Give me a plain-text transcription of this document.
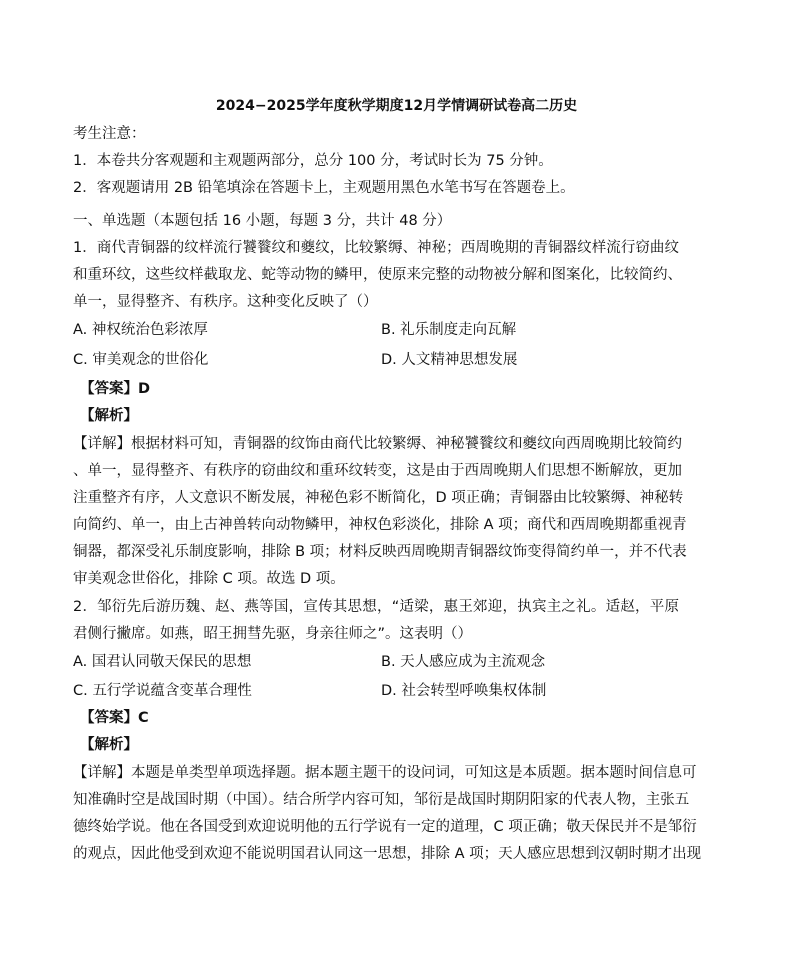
2024−2025学年度秋学期度12月学情调研试卷高二历史
考生注意：
1．本卷共分客观题和主观题两部分，总分 100 分，考试时长为 75 分钟。
2．客观题请用 2B 铅笔填涂在答题卡上，主观题用黑色水笔书写在答题卷上。
一、单选题（本题包括 16 小题，每题 3 分，共计 48 分）
1．商代青铜器的纹样流行饕餮纹和夔纹，比较繁缛、神秘；西周晚期的青铜器纹样流行窃曲纹
和重环纹，这些纹样截取龙、蛇等动物的鳞甲，使原来完整的动物被分解和图案化，比较简约、
单一，显得整齐、有秩序。这种变化反映了（）
A. 神权统治色彩浓厚	B. 礼乐制度走向瓦解
C. 审美观念的世俗化	D. 人文精神思想发展
【答案】D
【解析】
【详解】根据材料可知，青铜器的纹饰由商代比较繁缛、神秘饕餮纹和夔纹向西周晚期比较简约
、单一，显得整齐、有秩序的窃曲纹和重环纹转变，这是由于西周晚期人们思想不断解放，更加
注重整齐有序，人文意识不断发展，神秘色彩不断简化，D 项正确；青铜器由比较繁缛、神秘转
向简约、单一，由上古神兽转向动物鳞甲，神权色彩淡化，排除 A 项；商代和西周晚期都重视青
铜器，都深受礼乐制度影响，排除 B 项；材料反映西周晚期青铜器纹饰变得简约单一，并不代表
审美观念世俗化，排除 C 项。故选 D 项。
2．邹衍先后游历魏、赵、燕等国，宣传其思想，“适梁，惠王郊迎，执宾主之礼。适赵，平原
君侧行撇席。如燕，昭王拥彗先驱，身亲往师之”。这表明（）
A. 国君认同敬天保民的思想	B. 天人感应成为主流观念
C. 五行学说蕴含变革合理性	D. 社会转型呼唤集权体制
【答案】C
【解析】
【详解】本题是单类型单项选择题。据本题主题干的设问词，可知这是本质题。据本题时间信息可
知准确时空是战国时期（中国）。结合所学内容可知，邹衍是战国时期阴阳家的代表人物，主张五
德终始学说。他在各国受到欢迎说明他的五行学说有一定的道理，C 项正确；敬天保民并不是邹衍
的观点，因此他受到欢迎不能说明国君认同这一思想，排除 A 项；天人感应思想到汉朝时期才出现
